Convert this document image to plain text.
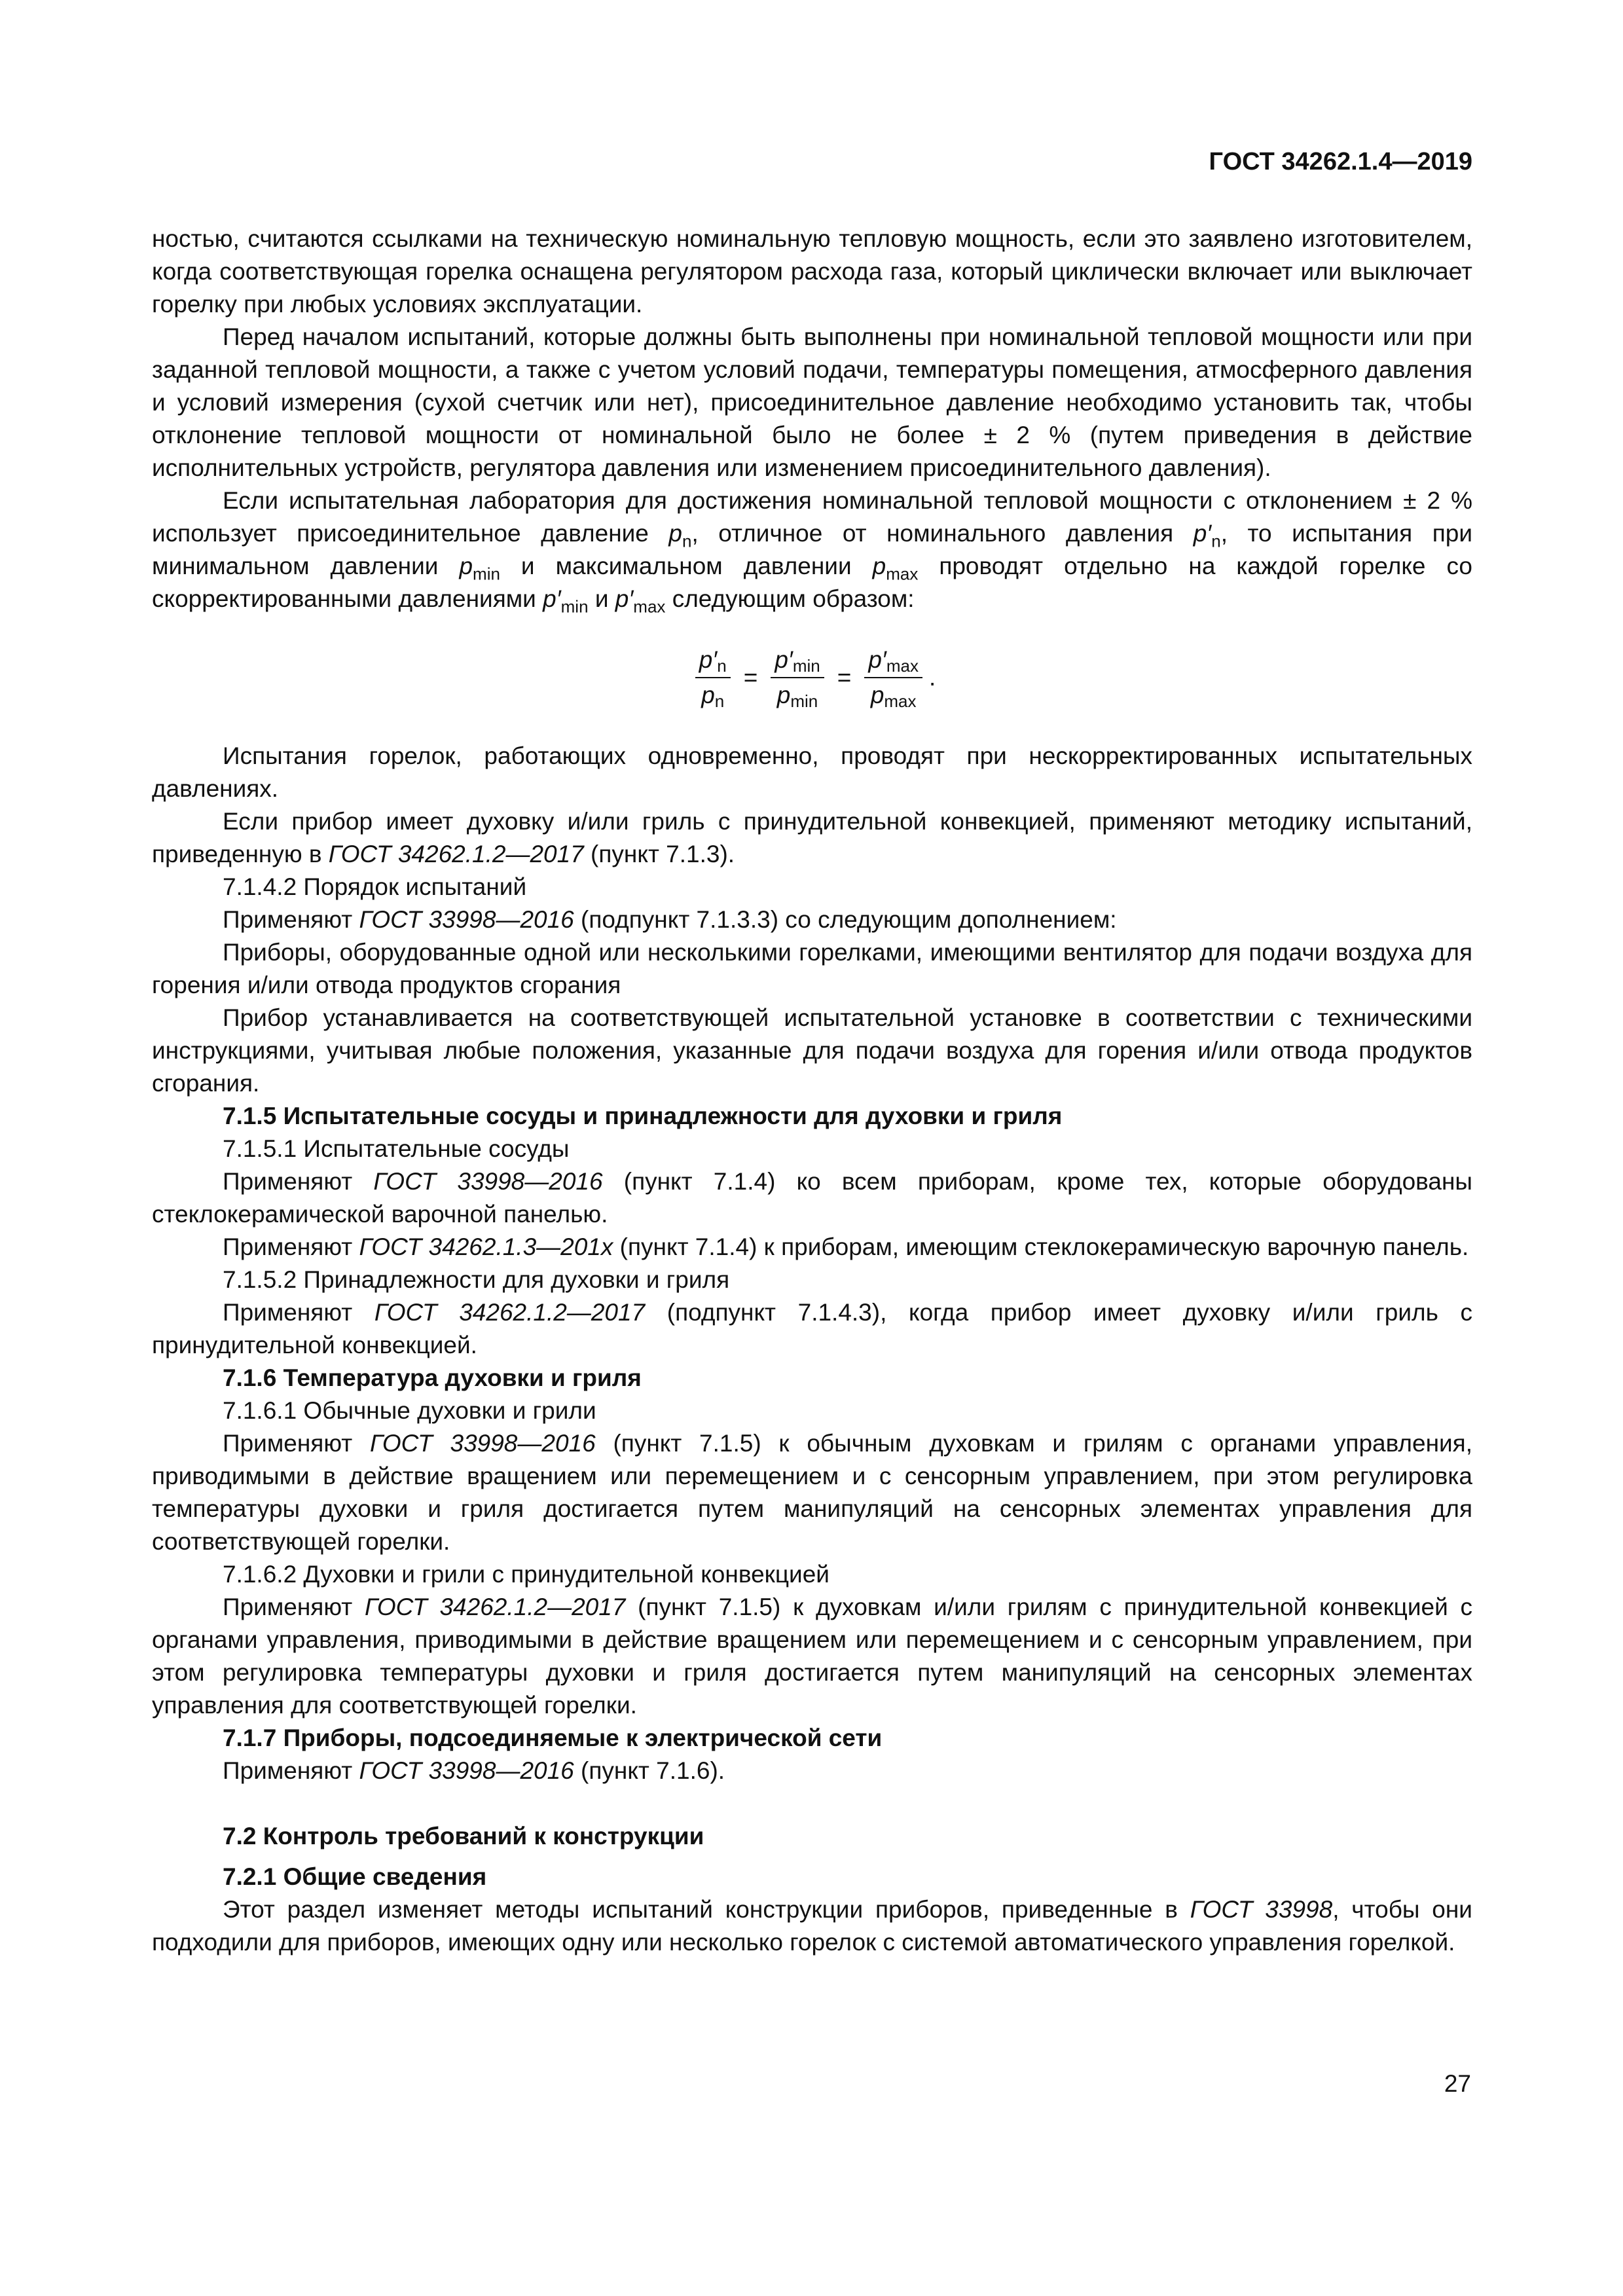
ГОСТ 34262.1.4—2019

ностью, считаются ссылками на техническую номинальную тепловую мощность, если это заявлено изготовителем, когда соответствующая горелка оснащена регулятором расхода газа, который циклически включает или выключает горелку при любых условиях эксплуатации.

Перед началом испытаний, которые должны быть выполнены при номинальной тепловой мощности или при заданной тепловой мощности, а также с учетом условий подачи, температуры помещения, атмосферного давления и условий измерения (сухой счетчик или нет), присоединительное давление необходимо установить так, чтобы отклонение тепловой мощности от номинальной было не более ± 2 % (путем приведения в действие исполнительных устройств, регулятора давления или изменением присоединительного давления).

Если испытательная лаборатория для достижения номинальной тепловой мощности с отклонением ± 2 % использует присоединительное давление $p_n$, отличное от номинального давления $p'_n$, то испытания при минимальном давлении $p_{min}$ и максимальном давлении $p_{max}$ проводят отдельно на каждой горелке со скорректированными давлениями $p'_{min}$ и $p'_{max}$ следующим образом:

$\frac{p'_n}{p_n} = \frac{p'_{min}}{p_{min}} = \frac{p'_{max}}{p_{max}}$ .

Испытания горелок, работающих одновременно, проводят при нескорректированных испытательных давлениях.

Если прибор имеет духовку и/или гриль с принудительной конвекцией, применяют методику испытаний, приведенную в ГОСТ 34262.1.2—2017 (пункт 7.1.3).

7.1.4.2 Порядок испытаний

Применяют ГОСТ 33998—2016 (подпункт 7.1.3.3) со следующим дополнением:

Приборы, оборудованные одной или несколькими горелками, имеющими вентилятор для подачи воздуха для горения и/или отвода продуктов сгорания

Прибор устанавливается на соответствующей испытательной установке в соответствии с техническими инструкциями, учитывая любые положения, указанные для подачи воздуха для горения и/или отвода продуктов сгорания.

7.1.5 Испытательные сосуды и принадлежности для духовки и гриля

7.1.5.1 Испытательные сосуды

Применяют ГОСТ 33998—2016 (пункт 7.1.4) ко всем приборам, кроме тех, которые оборудованы стеклокерамической варочной панелью.

Применяют ГОСТ 34262.1.3—201x (пункт 7.1.4) к приборам, имеющим стеклокерамическую варочную панель.

7.1.5.2 Принадлежности для духовки и гриля

Применяют ГОСТ 34262.1.2—2017 (подпункт 7.1.4.3), когда прибор имеет духовку и/или гриль с принудительной конвекцией.

7.1.6 Температура духовки и гриля

7.1.6.1 Обычные духовки и грили

Применяют ГОСТ 33998—2016 (пункт 7.1.5) к обычным духовкам и грилям с органами управления, приводимыми в действие вращением или перемещением и с сенсорным управлением, при этом регулировка температуры духовки и гриля достигается путем манипуляций на сенсорных элементах управления для соответствующей горелки.

7.1.6.2 Духовки и грили с принудительной конвекцией

Применяют ГОСТ 34262.1.2—2017 (пункт 7.1.5) к духовкам и/или грилям с принудительной конвекцией с органами управления, приводимыми в действие вращением или перемещением и с сенсорным управлением, при этом регулировка температуры духовки и гриля достигается путем манипуляций на сенсорных элементах управления для соответствующей горелки.

7.1.7 Приборы, подсоединяемые к электрической сети

Применяют ГОСТ 33998—2016 (пункт 7.1.6).

7.2 Контроль требований к конструкции

7.2.1 Общие сведения

Этот раздел изменяет методы испытаний конструкции приборов, приведенные в ГОСТ 33998, чтобы они подходили для приборов, имеющих одну или несколько горелок с системой автоматического управления горелкой.

27
